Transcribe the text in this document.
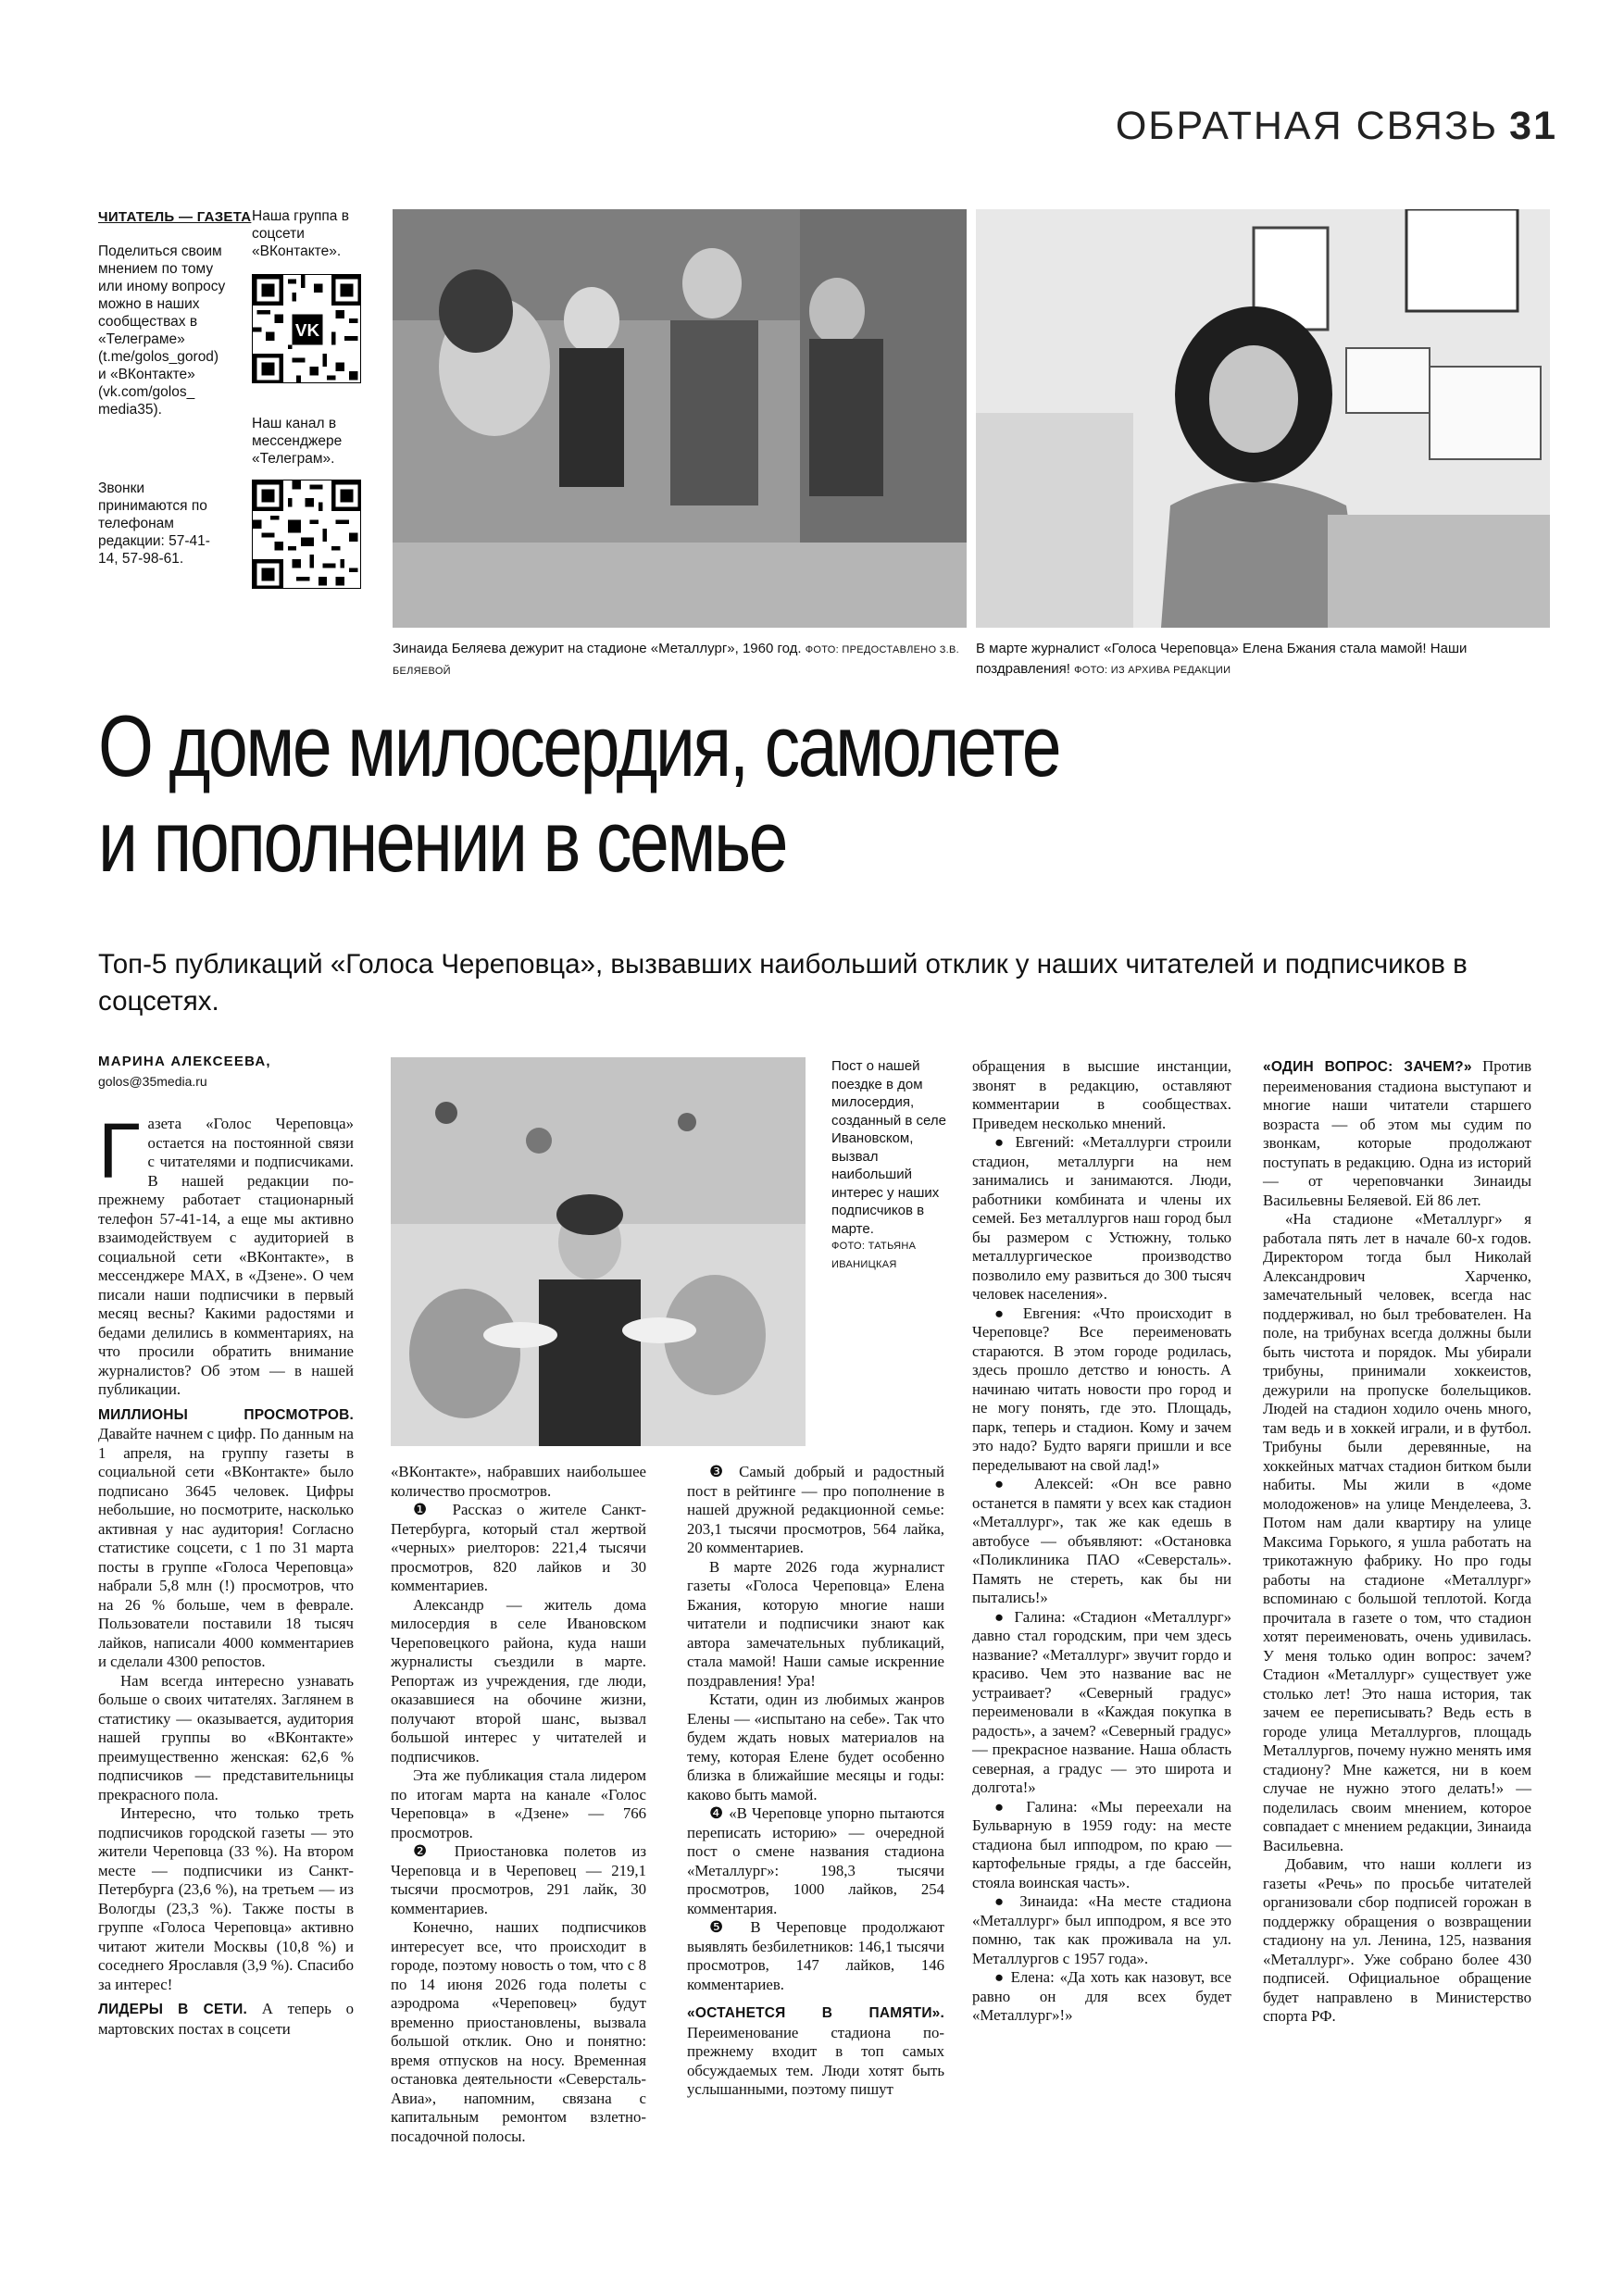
ОБРАТНАЯ СВЯЗЬ 31
ЧИТАТЕЛЬ — ГАЗЕТА
Поделиться своим мнением по тому или иному вопросу можно в наших сообществах в «Телеграме» (t.me/golos_gorod) и «ВКонтакте» (vk.com/golos_ media35).
Звонки принимаются по телефонам редакции: 57-41-14, 57-98-61.
Наша группа в соцсети «ВКонтакте».
VK
Наш канал в мессенджере «Телеграм».
Зинаида Беляева дежурит на стадионе «Металлург», 1960 год. ФОТО: ПРЕДОСТАВЛЕНО З.В. БЕЛЯЕВОЙ
В марте журналист «Голоса Череповца» Елена Бжания стала мамой! Наши поздравления! ФОТО: ИЗ АРХИВА РЕДАКЦИИ
О доме милосердия, самолете
и пополнении в семье
Топ-5 публикаций «Голоса Череповца», вызвавших наибольший отклик у наших читателей и подписчиков в соцсетях.
МАРИНА АЛЕКСЕЕВА,
golos@35media.ru
Пост о нашей поездке в дом милосердия, созданный в селе Ивановском, вызвал наибольший интерес у наших подписчиков в марте.
ФОТО: ТАТЬЯНА ИВАНИЦКАЯ

Газета «Голос Череповца» остается на постоянной связи с читателями и подписчиками. В нашей редакции по-прежнему работает стационарный телефон 57-41-14, а еще мы активно взаимодействуем с аудиторией в социальной сети «ВКонтакте», в мессенджере MAX, в «Дзене». О чем писали наши подписчики в первый месяц весны? Какими радостями и бедами делились в комментариях, на что просили обратить внимание журналистов? Об этом — в нашей публикации.

МИЛЛИОНЫ ПРОСМОТРОВ. Давайте начнем с цифр. По данным на 1 апреля, на группу газеты в социальной сети «ВКонтакте» было подписано 3645 человек. Цифры небольшие, но посмотрите, насколько активная у нас аудитория! Согласно статистике соцсети, с 1 по 31 марта посты в группе «Голоса Череповца» набрали 5,8 млн (!) просмотров, что на 26 % больше, чем в феврале. Пользователи поставили 18 тысяч лайков, написали 4000 комментариев и сделали 4300 репостов.

Нам всегда интересно узнавать больше о своих читателях. Заглянем в статистику — оказывается, аудитория нашей группы во «ВКонтакте» преимущественно женская: 62,6 % подписчиков — представительницы прекрасного пола.

Интересно, что только треть подписчиков городской газеты — это жители Череповца (33 %). На втором месте — подписчики из Санкт-Петербурга (23,6 %), на третьем — из Вологды (23,3 %). Также посты в группе «Голоса Череповца» активно читают жители Москвы (10,8 %) и соседнего Ярославля (3,9 %). Спасибо за интерес!

ЛИДЕРЫ В СЕТИ. А теперь о мартовских постах в соцсети

«ВКонтакте», набравших наибольшее количество просмотров.

❶ Рассказ о жителе Санкт-Петербурга, который стал жертвой «черных» риелторов: 221,4 тысячи просмотров, 820 лайков и 30 комментариев.

Александр — житель дома милосердия в селе Ивановском Череповецкого района, куда наши журналисты съездили в марте. Репортаж из учреждения, где люди, оказавшиеся на обочине жизни, получают второй шанс, вызвал большой интерес у читателей и подписчиков.

Эта же публикация стала лидером по итогам марта на канале «Голос Череповца» в «Дзене» — 766 просмотров.

❷ Приостановка полетов из Череповца и в Череповец — 219,1 тысячи просмотров, 291 лайк, 30 комментариев.

Конечно, наших подписчиков интересует все, что происходит в городе, поэтому новость о том, что с 8 по 14 июня 2026 года полеты с аэродрома «Череповец» будут временно приостановлены, вызвала большой отклик. Оно и понятно: время отпусков на носу. Временная остановка деятельности «Северсталь-Авиа», напомним, связана с капитальным ремонтом взлетно-посадочной полосы.

❸ Самый добрый и радостный пост в рейтинге — про пополнение в нашей дружной редакционной семье: 203,1 тысячи просмотров, 564 лайка, 20 комментариев.

В марте 2026 года журналист газеты «Голоса Череповца» Елена Бжания, которую многие наши читатели и подписчики знают как автора замечательных публикаций, стала мамой! Наши самые искренние поздравления! Ура!

Кстати, один из любимых жанров Елены — «испытано на себе». Так что будем ждать новых материалов на тему, которая Елене будет особенно близка в ближайшие месяцы и годы: каково быть мамой.

❹ «В Череповце упорно пытаются переписать историю» — очередной пост о смене названия стадиона «Металлург»: 198,3 тысячи просмотров, 1000 лайков, 254 комментария.

❺ В Череповце продолжают выявлять безбилетников: 146,1 тысячи просмотров, 147 лайков, 146 комментариев.

«ОСТАНЕТСЯ В ПАМЯТИ». Переименование стадиона по-прежнему входит в топ самых обсуждаемых тем. Люди хотят быть услышанными, поэтому пишут

обращения в высшие инстанции, звонят в редакцию, оставляют комментарии в сообществах. Приведем несколько мнений.

● Евгений: «Металлурги строили стадион, металлурги на нем занимались и занимаются. Люди, работники комбината и члены их семей. Без металлургов наш город был бы размером с Устюжну, только металлургическое производство позволило ему развиться до 300 тысяч человек населения».

● Евгения: «Что происходит в Череповце? Все переименовать стараются. В этом городе родилась, здесь прошло детство и юность. А начинаю читать новости про город и не могу понять, где это. Площадь, парк, теперь и стадион. Кому и зачем это надо? Будто варяги пришли и все переделывают на свой лад!»

● Алексей: «Он все равно останется в памяти у всех как стадион «Металлург», так же как едешь в автобусе — объявляют: «Остановка «Поликлиника ПАО «Северсталь». Память не стереть, как бы ни пытались!»

● Галина: «Стадион «Металлург» давно стал городским, при чем здесь название? «Металлург» звучит гордо и красиво. Чем это название вас не устраивает? «Северный градус» переименовали в «Каждая покупка в радость», а зачем? «Северный градус» — прекрасное название. Наша область северная, а градус — это широта и долгота!»

● Галина: «Мы переехали на Бульварную в 1959 году: на месте стадиона был ипподром, по краю — картофельные гряды, а где бассейн, стояла воинская часть».

● Зинаида: «На месте стадиона «Металлург» был ипподром, я все это помню, так как проживала на ул. Металлургов с 1957 года».

● Елена: «Да хоть как назовут, все равно он для всех будет «Металлург»!»

«ОДИН ВОПРОС: ЗАЧЕМ?» Против переименования стадиона выступают и многие наши читатели старшего возраста — об этом мы судим по звонкам, которые продолжают поступать в редакцию. Одна из историй — от череповчанки Зинаиды Васильевны Беляевой. Ей 86 лет.

«На стадионе «Металлург» я работала пять лет в начале 60-х годов. Директором тогда был Николай Александрович Харченко, замечательный человек, всегда нас поддерживал, но был требователен. На поле, на трибунах всегда должны были быть чистота и порядок. Мы убирали трибуны, принимали хоккеистов, дежурили на пропуске болельщиков. Людей на стадион ходило очень много, там ведь и в хоккей играли, и в футбол. Трибуны были деревянные, на хоккейных матчах стадион битком были набиты. Мы жили в «доме молодоженов» на улице Менделеева, 3. Потом нам дали квартиру на улице Максима Горького, я ушла работать на трикотажную фабрику. Но про годы работы на стадионе «Металлург» вспоминаю с большой теплотой. Когда прочитала в газете о том, что стадион хотят переименовать, очень удивилась. У меня только один вопрос: зачем? Стадион «Металлург» существует уже столько лет! Это наша история, так зачем ее переписывать? Ведь есть в городе улица Металлургов, площадь Металлургов, почему нужно менять имя стадиону? Мне кажется, ни в коем случае не нужно этого делать!» — поделилась своим мнением, которое совпадает с мнением редакции, Зинаида Васильевна.

Добавим, что наши коллеги из газеты «Речь» по просьбе читателей организовали сбор подписей горожан в поддержку обращения о возвращении стадиону на ул. Ленина, 125, названия «Металлург». Уже собрано более 430 подписей. Официальное обращение будет направлено в Министерство спорта РФ.
